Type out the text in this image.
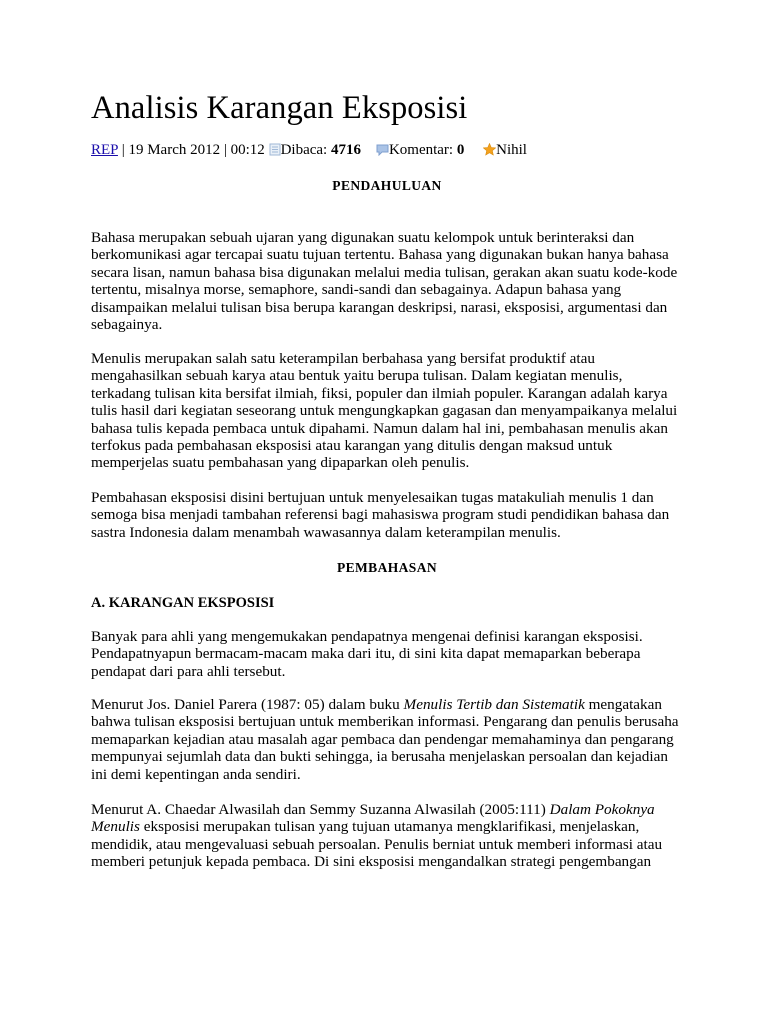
Analisis Karangan Eksposisi
REP | 19 March 2012 | 00:12 Dibaca: 4716 Komentar: 0 Nihil
PENDAHULUAN

Bahasa merupakan sebuah ujaran yang digunakan suatu kelompok untuk berinteraksi dan

berkomunikasi agar tercapai suatu tujuan tertentu. Bahasa yang digunakan bukan hanya bahasa

secara lisan, namun bahasa bisa digunakan melalui media tulisan, gerakan akan suatu kode-kode

tertentu, misalnya morse, semaphore, sandi-sandi dan sebagainya. Adapun bahasa yang

disampaikan melalui tulisan bisa berupa karangan deskripsi, narasi, eksposisi, argumentasi dan

sebagainya.

Menulis merupakan salah satu keterampilan berbahasa yang bersifat produktif atau

mengahasilkan sebuah karya atau bentuk yaitu berupa tulisan. Dalam kegiatan menulis,

terkadang tulisan kita bersifat ilmiah, fiksi, populer dan ilmiah populer. Karangan adalah karya

tulis hasil dari kegiatan seseorang untuk mengungkapkan gagasan dan menyampaikanya melalui

bahasa tulis kepada pembaca untuk dipahami. Namun dalam hal ini, pembahasan menulis akan

terfokus pada pembahasan eksposisi atau karangan yang ditulis dengan maksud untuk

memperjelas suatu pembahasan yang dipaparkan oleh penulis.

Pembahasan eksposisi disini bertujuan untuk menyelesaikan tugas matakuliah menulis 1 dan

semoga bisa menjadi tambahan referensi bagi mahasiswa program studi pendidikan bahasa dan

sastra Indonesia dalam menambah wawasannya dalam keterampilan menulis.

PEMBAHASAN
A. KARANGAN EKSPOSISI

Banyak para ahli yang mengemukakan pendapatnya mengenai definisi karangan eksposisi.

Pendapatnyapun bermacam-macam maka dari itu, di sini kita dapat memaparkan beberapa

pendapat dari para ahli tersebut.

Menurut Jos. Daniel Parera (1987: 05) dalam buku Menulis Tertib dan Sistematik mengatakan

bahwa tulisan eksposisi bertujuan untuk memberikan informasi. Pengarang dan penulis berusaha

memaparkan kejadian atau masalah agar pembaca dan pendengar memahaminya dan pengarang

mempunyai sejumlah data dan bukti sehingga, ia berusaha menjelaskan persoalan dan kejadian

ini demi kepentingan anda sendiri.

Menurut A. Chaedar Alwasilah dan Semmy Suzanna Alwasilah (2005:111) Dalam Pokoknya

Menulis eksposisi merupakan tulisan yang tujuan utamanya mengklarifikasi, menjelaskan,

mendidik, atau mengevaluasi sebuah persoalan. Penulis berniat untuk memberi informasi atau

memberi petunjuk kepada pembaca. Di sini eksposisi mengandalkan strategi pengembangan
